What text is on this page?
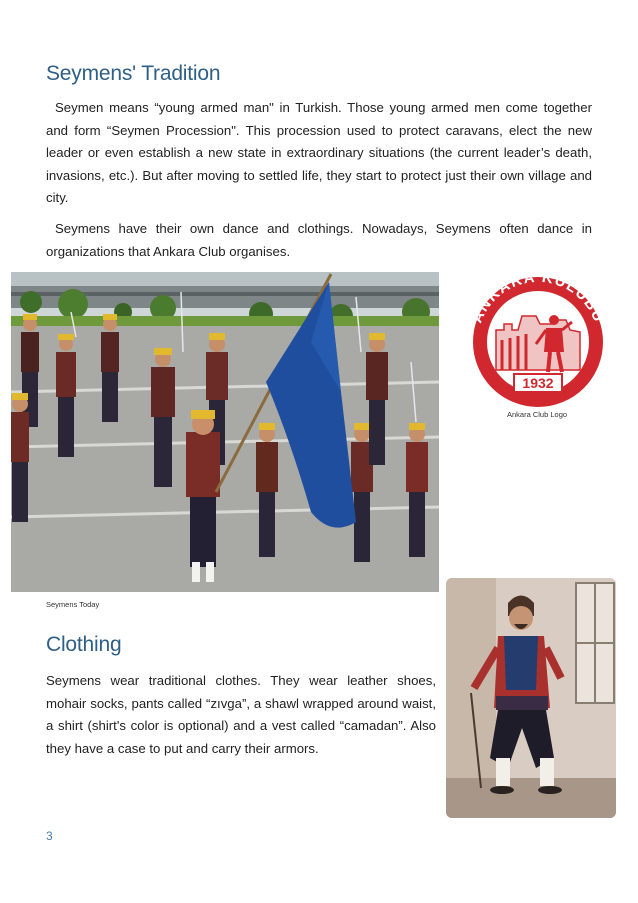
Seymens' Tradition

Seymen means “young armed man" in Turkish. Those young armed men come together and form “Seymen Procession". This procession used to protect caravans, elect the new leader or even establish a new state in extraordinary situations (the current leader’s death, invasions, etc.). But after moving to settled life, they start to protect just their own village and city.

Seymens have their own dance and clothings. Nowadays, Seymens often dance in organizations that Ankara Club organises.

Seymens Today
ANKARA KULÜBÜ
1932
Ankara Club Logo
Clothing

Seymens wear traditional clothes. They wear leather shoes, mohair socks, pants called “zıvga”, a shawl wrapped around waist, a shirt (shirt's color is optional) and a vest called “camadan”. Also they have a case to put and carry their armors.

3
